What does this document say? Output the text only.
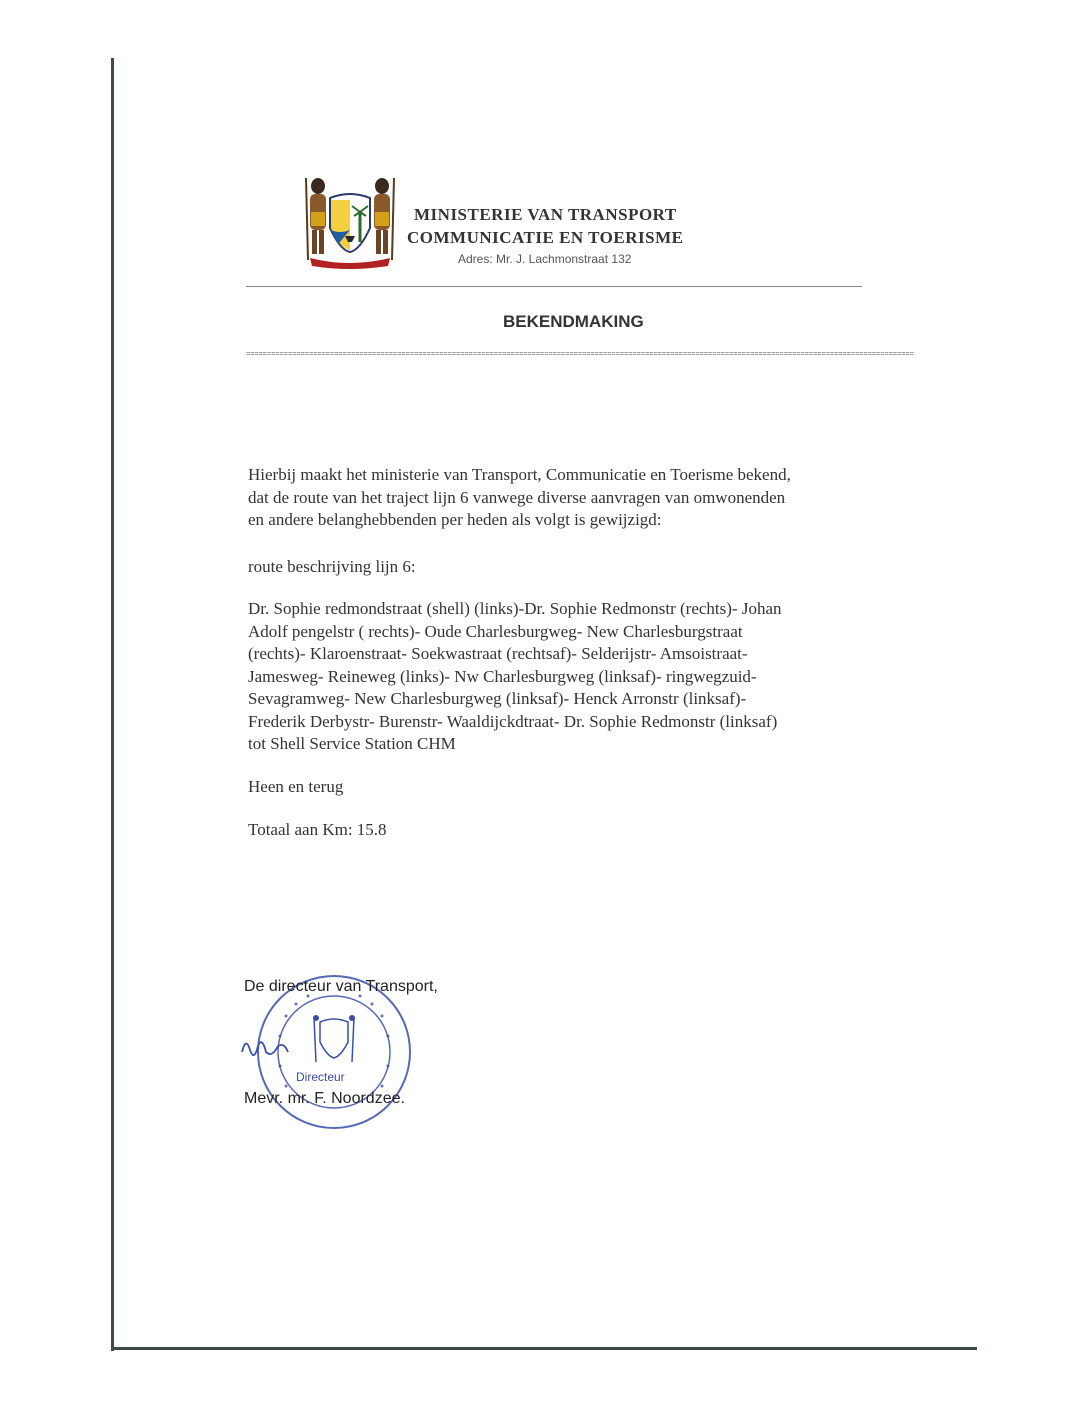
MINISTERIE VAN TRANSPORT
COMMUNICATIE EN TOERISME
Adres: Mr. J. Lachmonstraat 132
BEKENDMAKING
===============================================================================================================================================================
Hierbij maakt het ministerie van Transport, Communicatie en Toerisme bekend,
dat de route van het traject lijn 6 vanwege diverse aanvragen van omwonenden
en andere belanghebbenden per heden als volgt is gewijzigd:
route beschrijving lijn 6:
Dr. Sophie redmondstraat (shell) (links)-Dr. Sophie Redmonstr (rechts)- Johan
Adolf pengelstr ( rechts)- Oude Charlesburgweg- New Charlesburgstraat
(rechts)- Klaroenstraat- Soekwastraat (rechtsaf)- Selderijstr- Amsoistraat-
Jamesweg- Reineweg (links)- Nw Charlesburgweg (linksaf)- ringwegzuid-
Sevagramweg- New Charlesburgweg (linksaf)- Henck Arronstr (linksaf)-
Frederik Derbystr- Burenstr- Waaldijckdtraat- Dr. Sophie Redmonstr (linksaf)
tot Shell Service Station CHM
Heen en terug
Totaal aan Km: 15.8
Directeur
De directeur van Transport,
Mevr. mr. F. Noordzee.
